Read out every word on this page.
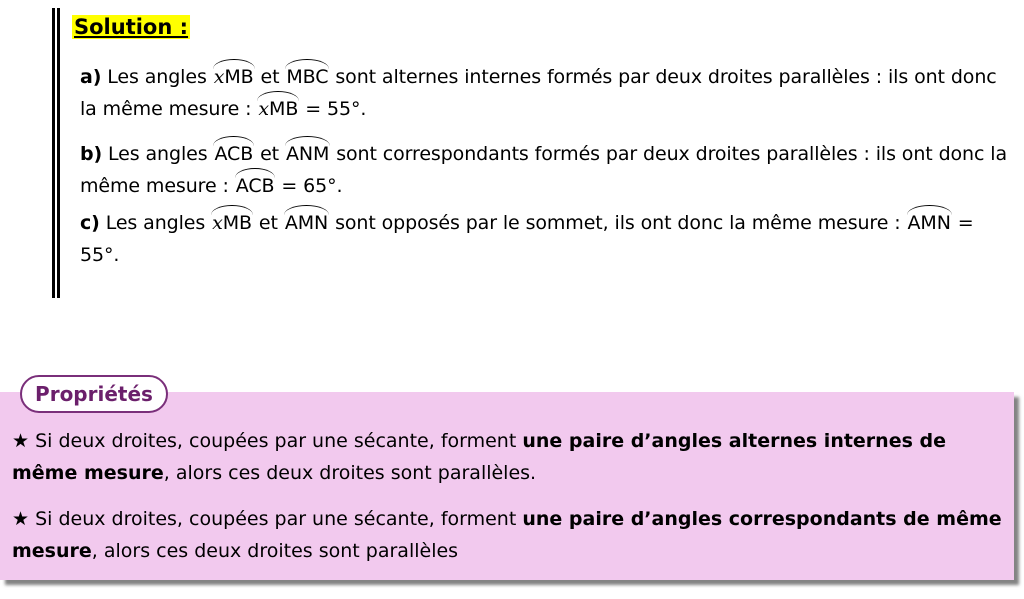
Solution :
a) Les angles xMB et MBC sont alternes internes formés par deux droites parallèles : ils ont donc la même mesure : xMB = 55°.
b) Les angles ACB et ANM sont correspondants formés par deux droites parallèles : ils ont donc la même mesure : ACB = 65°.
c) Les angles xMB et AMN sont opposés par le sommet, ils ont donc la même mesure : AMN = 55°.
Propriétés
★ Si deux droites, coupées par une sécante, forment une paire d’angles alternes internes de même mesure, alors ces deux droites sont parallèles.
★ Si deux droites, coupées par une sécante, forment une paire d’angles correspondants de même mesure, alors ces deux droites sont parallèles
